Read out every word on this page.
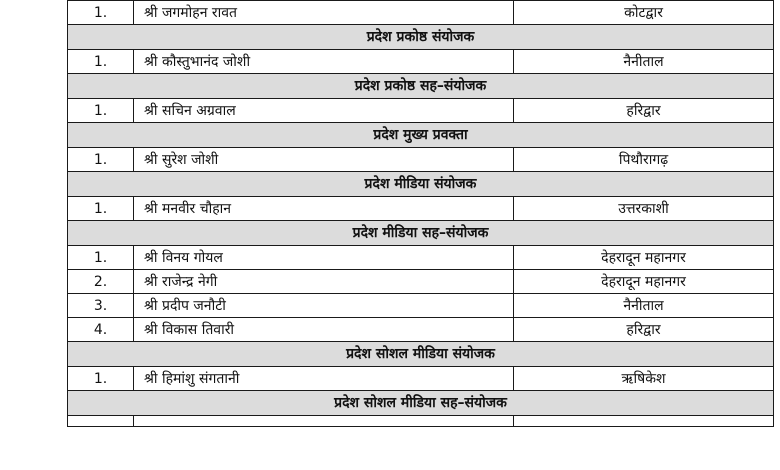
1.	श्री जगमोहन रावत	कोटद्वार
प्रदेश प्रकोष्ठ संयोजक		
1.	श्री कौस्तुभानंद जोशी	नैनीताल
प्रदेश प्रकोष्ठ सह–संयोजक		
1.	श्री सचिन अग्रवाल	हरिद्वार
प्रदेश मुख्य प्रवक्ता		
1.	श्री सुरेश जोशी	पिथौरागढ़
प्रदेश मीडिया संयोजक		
1.	श्री मनवीर चौहान	उत्तरकाशी
प्रदेश मीडिया सह–संयोजक		
1.	श्री विनय गोयल	देहरादून महानगर
2.	श्री राजेन्द्र नेगी	देहरादून महानगर
3.	श्री प्रदीप जनौटी	नैनीताल
4.	श्री विकास तिवारी	हरिद्वार
प्रदेश सोशल मीडिया संयोजक		
1.	श्री हिमांशु संगतानी	ऋषिकेश
प्रदेश सोशल मीडिया सह–संयोजक		
